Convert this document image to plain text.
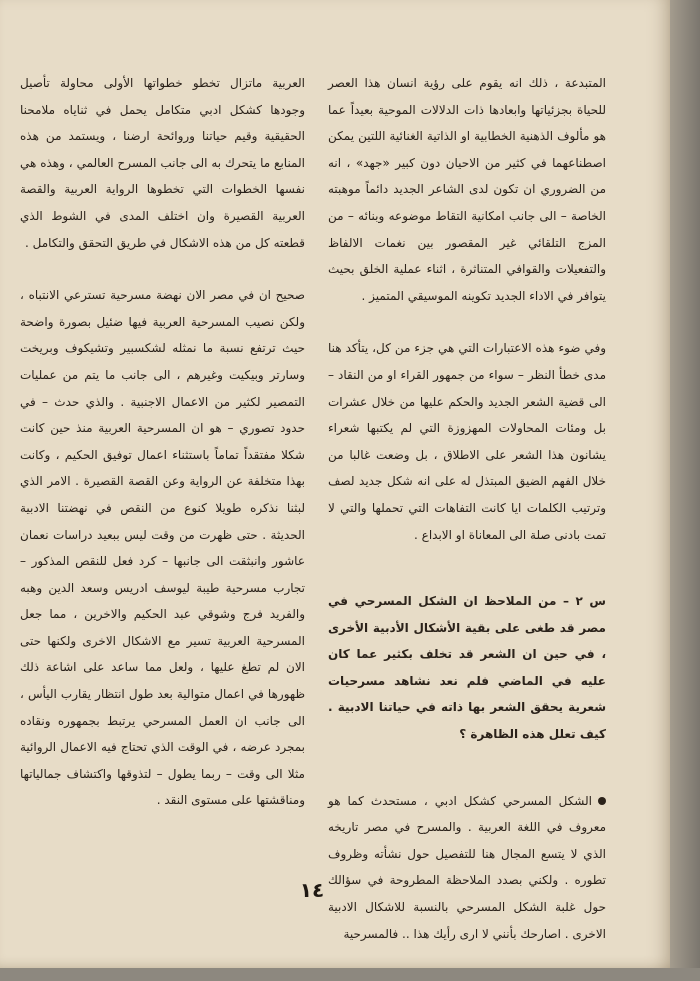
المتبدعة ، ذلك انه يقوم على رؤية انسان هذا العصر للحياة بجزئياتها وابعادها ذات الدلالات الموحية بعيداً عما هو مألوف الذهنية الخطابية او الذاتية الغنائية اللتين يمكن اصطناعهما في كثير من الاحيان دون كبير «جهد» ، انه من الضروري ان تكون لدى الشاعر الجديد دائماً موهبته الخاصة – الى جانب امكانية التقاط موضوعه وبنائه – من المزج التلقائي غير المقصور بين نغمات الالفاظ والتفعيلات والقوافي المتناثرة ، اثناء عملية الخلق بحيث يتوافر في الاداء الجديد تكوينه الموسيقي المتميز .

وفي ضوء هذه الاعتبارات التي هي جزء من كل، يتأكد هنا مدى خطأ النظر – سواء من جمهور القراء او من النقاد – الى قضية الشعر الجديد والحكم عليها من خلال عشرات بل ومئات المحاولات المهزوزة التي لم يكتبها شعراء يشانون هذا الشعر على الاطلاق ، بل وضعت غالبا من خلال الفهم الضيق المبتذل له على انه شكل جديد لصف وترتيب الكلمات ايا كانت التفاهات التي تحملها والتي لا تمت بادنى صلة الى المعاناة او الابداع .

س ٢ – من الملاحظ ان الشكل المسرحي في مصر قد طغى على بقية الأشكال الأدبية الأخرى ، في حين ان الشعر قد تخلف بكثير عما كان عليه في الماضي فلم نعد نشاهد مسرحيات شعرية يحقق الشعر بها ذاته في حياتنا الادبية . كيف تعلل هذه الظاهرة ؟

الشكل المسرحي كشكل ادبي ، مستحدث كما هو معروف في اللغة العربية . والمسرح في مصر تاريخه الذي لا يتسع المجال هنا للتفصيل حول نشأته وظروف تطوره . ولكني بصدد الملاحظة المطروحة في سؤالك حول غلبة الشكل المسرحي بالنسبة للاشكال الادبية الاخرى . اصارحك بأنني لا ارى رأيك هذا .. فالمسرحية

العربية ماتزال تخطو خطواتها الأولى محاولة تأصيل وجودها كشكل ادبي متكامل يحمل في ثناياه ملامحنا الحقيقية وقيم حياتنا وروائحة ارضنا ، ويستمد من هذه المنابع ما يتحرك به الى جانب المسرح العالمي ، وهذه هي نفسها الخطوات التي تخطوها الرواية العربية والقصة العربية القصيرة وان اختلف المدى في الشوط الذي قطعته كل من هذه الاشكال في طريق التحقق والتكامل .

صحيح ان في مصر الان نهضة مسرحية تسترعي الانتباه ، ولكن نصيب المسرحية العربية فيها ضئيل بصورة واضحة حيث ترتفع نسبة ما نمثله لشكسبير وتشيكوف وبريخت وسارتر وبيكيت وغيرهم ، الى جانب ما يتم من عمليات التمصير لكثير من الاعمال الاجنبية . والذي حدث – في حدود تصوري – هو ان المسرحية العربية منذ حين كانت شكلا مفتقداً تماماً باستثناء اعمال توفيق الحكيم ، وكانت بهذا متخلفة عن الرواية وعن القصة القصيرة . الامر الذي لبثنا نذكره طويلا كنوع من النقص في نهضتنا الادبية الحديثة . حتى ظهرت من وقت ليس ببعيد دراسات نعمان عاشور وانبثقت الى جانبها – كرد فعل للنقص المذكور – تجارب مسرحية طيبة ليوسف ادريس وسعد الدين وهبه والفريد فرج وشوقي عبد الحكيم والاخرين ، مما جعل المسرحية العربية تسير مع الاشكال الاخرى ولكنها حتى الان لم تطغ عليها ، ولعل مما ساعد على اشاعة ذلك ظهورها في اعمال متوالية بعد طول انتظار يقارب اليأس ، الى جانب ان العمل المسرحي يرتبط بجمهوره ونقاده بمجرد عرضه ، في الوقت الذي تحتاج فيه الاعمال الروائية مثلا الى وقت – ربما يطول – لتذوقها واكتشاف جمالياتها ومناقشتها على مستوى النقد .

١٤
